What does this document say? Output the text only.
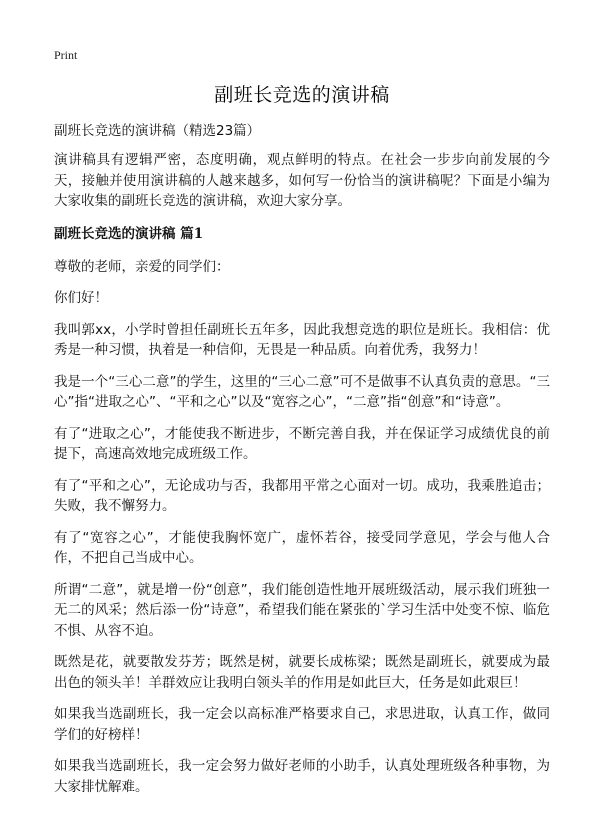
Print
副班长竞选的演讲稿

副班长竞选的演讲稿（精选23篇）

演讲稿具有逻辑严密，态度明确，观点鲜明的特点。在社会一步步向前发展的今天，接触并使用演讲稿的人越来越多，如何写一份恰当的演讲稿呢？下面是小编为大家收集的副班长竞选的演讲稿，欢迎大家分享。

副班长竞选的演讲稿 篇1

尊敬的老师，亲爱的同学们：

你们好！

我叫郭xx，小学时曾担任副班长五年多，因此我想竞选的职位是班长。我相信：优秀是一种习惯，执着是一种信仰，无畏是一种品质。向着优秀，我努力！

我是一个“三心二意”的学生，这里的“三心二意”可不是做事不认真负责的意思。“三心”指“进取之心”、“平和之心”以及“宽容之心”，“二意”指“创意”和“诗意”。

有了“进取之心”，才能使我不断进步，不断完善自我，并在保证学习成绩优良的前提下，高速高效地完成班级工作。

有了“平和之心”，无论成功与否，我都用平常之心面对一切。成功，我乘胜追击；失败，我不懈努力。

有了“宽容之心”，才能使我胸怀宽广，虚怀若谷，接受同学意见，学会与他人合作，不把自己当成中心。

所谓“二意”，就是增一份“创意”，我们能创造性地开展班级活动，展示我们班独一无二的风采；然后添一份“诗意”，希望我们能在紧张的`学习生活中处变不惊、临危不惧、从容不迫。

既然是花，就要散发芬芳；既然是树，就要长成栋梁；既然是副班长，就要成为最出色的领头羊！羊群效应让我明白领头羊的作用是如此巨大，任务是如此艰巨！

如果我当选副班长，我一定会以高标准严格要求自己，求思进取，认真工作，做同学们的好榜样！

如果我当选副班长，我一定会努力做好老师的小助手，认真处理班级各种事物，为大家排忧解难。
